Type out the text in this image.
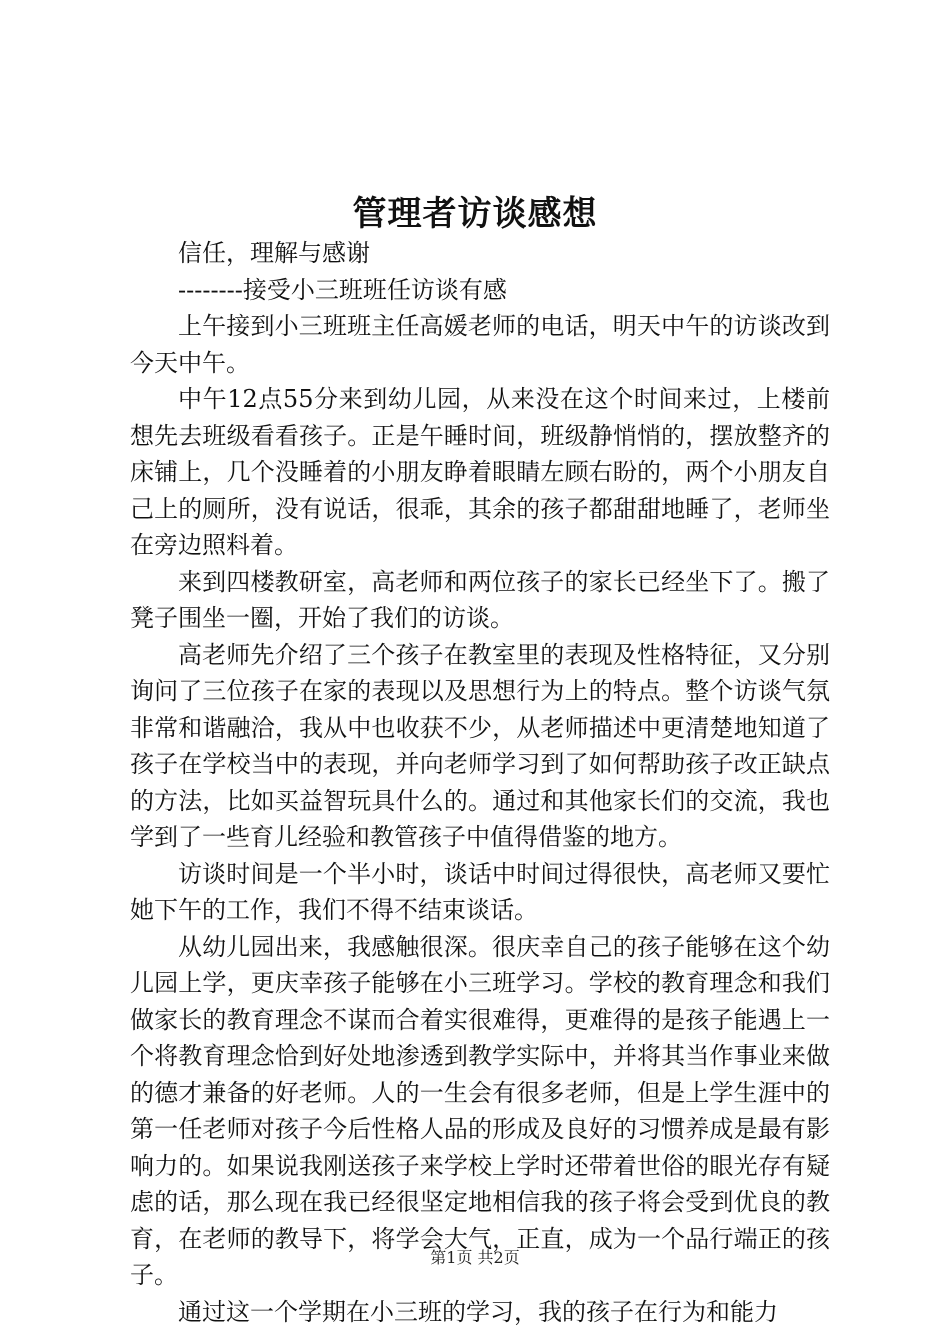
管理者访谈感想

信任，理解与感谢

--------接受小三班班任访谈有感

上午接到小三班班主任高媛老师的电话，明天中午的访谈改到今天中午。

中午12点55分来到幼儿园，从来没在这个时间来过，上楼前想先去班级看看孩子。正是午睡时间，班级静悄悄的，摆放整齐的床铺上，几个没睡着的小朋友睁着眼睛左顾右盼的，两个小朋友自己上的厕所，没有说话，很乖，其余的孩子都甜甜地睡了，老师坐在旁边照料着。

来到四楼教研室，高老师和两位孩子的家长已经坐下了。搬了凳子围坐一圈，开始了我们的访谈。

高老师先介绍了三个孩子在教室里的表现及性格特征，又分别询问了三位孩子在家的表现以及思想行为上的特点。整个访谈气氛非常和谐融洽，我从中也收获不少，从老师描述中更清楚地知道了孩子在学校当中的表现，并向老师学习到了如何帮助孩子改正缺点的方法，比如买益智玩具什么的。通过和其他家长们的交流，我也学到了一些育儿经验和教管孩子中值得借鉴的地方。

访谈时间是一个半小时，谈话中时间过得很快，高老师又要忙她下午的工作，我们不得不结束谈话。

从幼儿园出来，我感触很深。很庆幸自己的孩子能够在这个幼儿园上学，更庆幸孩子能够在小三班学习。学校的教育理念和我们做家长的教育理念不谋而合着实很难得，更难得的是孩子能遇上一个将教育理念恰到好处地渗透到教学实际中，并将其当作事业来做的德才兼备的好老师。人的一生会有很多老师，但是上学生涯中的第一任老师对孩子今后性格人品的形成及良好的习惯养成是最有影响力的。如果说我刚送孩子来学校上学时还带着世俗的眼光存有疑虑的话，那么现在我已经很坚定地相信我的孩子将会受到优良的教育，在老师的教导下，将学会大气，正直，成为一个品行端正的孩子。

通过这一个学期在小三班的学习，我的孩子在行为和能力

第1页 共2页
